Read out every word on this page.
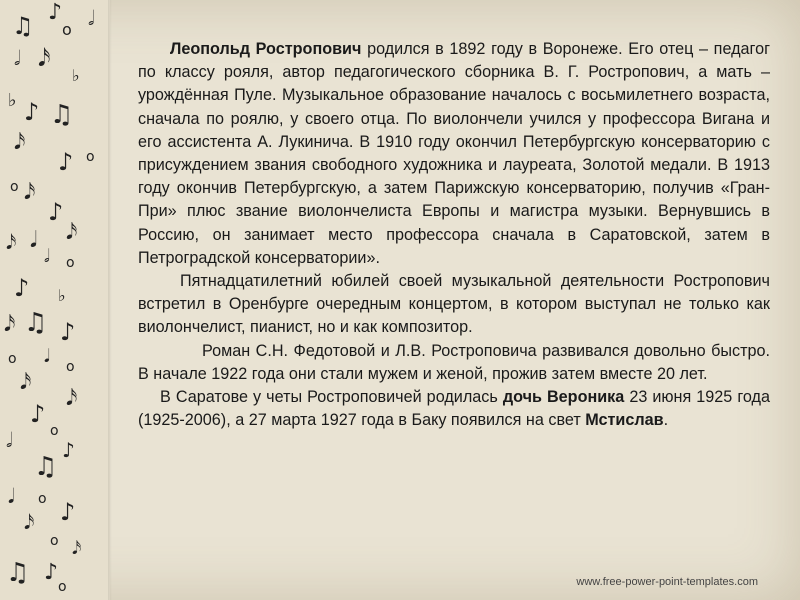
♫ ♪ 𝅗𝅥
o
𝅗𝅥 𝅘𝅥𝅯
♭
♭ ♪ ♫
𝅘𝅥𝅯
♪ o
o 𝅘𝅥𝅯
♪
𝅘𝅥𝅯 𝅘𝅥 𝅘𝅥𝅯
𝅗𝅥 o
♪ ♭
𝅘𝅥𝅯 ♫ ♪
o 𝅘𝅥 o
𝅘𝅥𝅯
𝅘𝅥𝅯
♪
o
𝅗𝅥 ♪
♫
𝅘𝅥 o ♪
𝅘𝅥𝅯
o 𝅘𝅥𝅯
♫ ♪
o

Леопольд Ростропович родился в 1892 году в Воронеже. Его отец – педагог по классу рояля, автор педагогического сборника В. Г. Ростропович, а мать – урождённая Пуле. Музыкальное образование началось с восьмилетнего возраста, сначала по роялю, у своего отца. По виолончели учился у профессора Вигана и его ассистента А. Лукинича. В 1910 году окончил Петербургскую консерваторию с присуждением звания свободного художника и лауреата, Золотой медали. В 1913 году окончив Петербургскую, а затем Парижскую консерваторию, получив «Гран-При» плюс звание виолончелиста Европы и магистра музыки. Вернувшись в Россию, он занимает место профессора сначала в Саратовской, затем в Петроградской консерватории».

Пятнадцатилетний юбилей своей музыкальной деятельности Ростропович встретил в Оренбурге очередным концертом, в котором выступал не только как виолончелист, пианист, но и как композитор.

Роман С.Н. Федотовой и Л.В. Ростроповича развивался довольно быстро. В начале 1922 года они стали мужем и женой, прожив затем вместе 20 лет.

В Саратове у четы Ростроповичей родилась дочь Вероника 23 июня 1925 года (1925-2006), а 27 марта 1927 года в Баку появился на свет Мстислав.

www.free-power-point-templates.com
